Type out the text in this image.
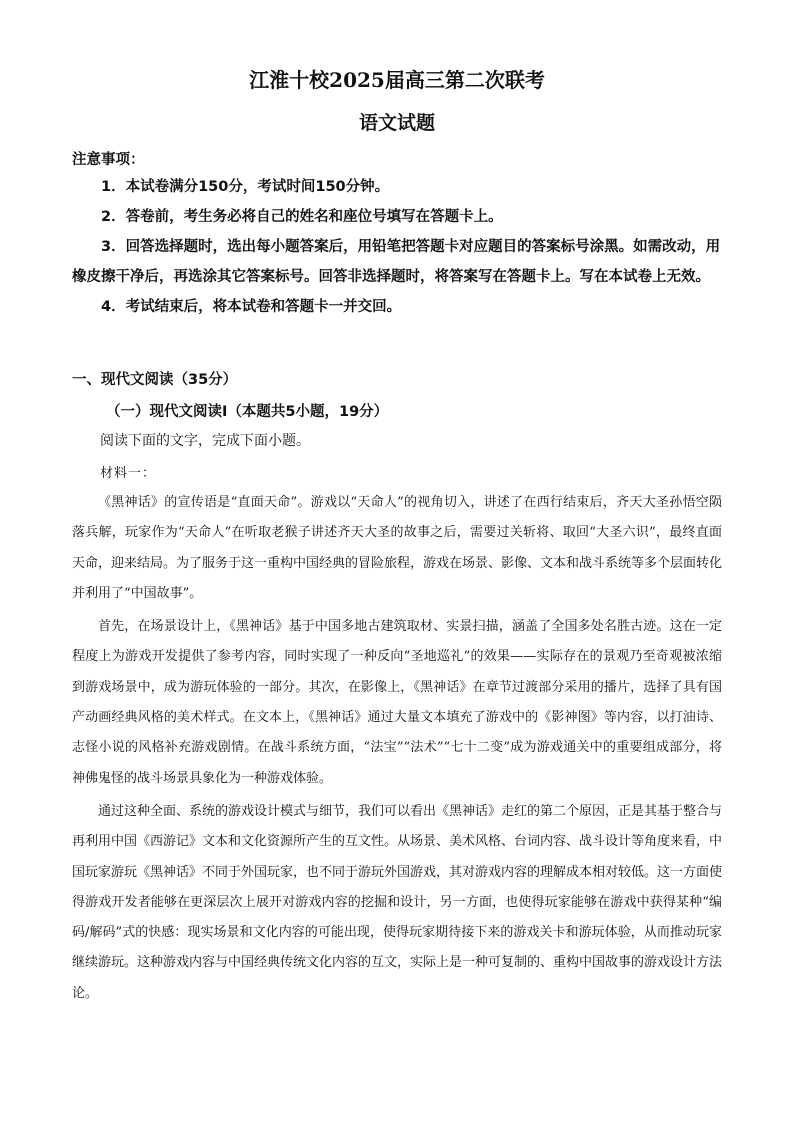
江淮十校2025届高三第二次联考
语文试题
注意事项：

1．本试卷满分150分，考试时间150分钟。

2．答卷前，考生务必将自己的姓名和座位号填写在答题卡上。

3．回答选择题时，选出每小题答案后，用铅笔把答题卡对应题目的答案标号涂黑。如需改动，用橡皮擦干净后，再选涂其它答案标号。回答非选择题时，将答案写在答题卡上。写在本试卷上无效。

4．考试结束后，将本试卷和答题卡一并交回。

一、现代文阅读（35分）
（一）现代文阅读Ⅰ（本题共5小题，19分）
阅读下面的文字，完成下面小题。
材料一：

《黑神话》的宣传语是“直面天命”。游戏以“天命人”的视角切入，讲述了在西行结束后，齐天大圣孙悟空陨落兵解，玩家作为“天命人”在听取老猴子讲述齐天大圣的故事之后，需要过关斩将、取回“大圣六识”，最终直面天命，迎来结局。为了服务于这一重构中国经典的冒险旅程，游戏在场景、影像、文本和战斗系统等多个层面转化并利用了“中国故事”。

首先，在场景设计上，《黑神话》基于中国多地古建筑取材、实景扫描，涵盖了全国多处名胜古迹。这在一定程度上为游戏开发提供了参考内容，同时实现了一种反向“圣地巡礼”的效果——实际存在的景观乃至奇观被浓缩到游戏场景中，成为游玩体验的一部分。其次，在影像上，《黑神话》在章节过渡部分采用的播片，选择了具有国产动画经典风格的美术样式。在文本上，《黑神话》通过大量文本填充了游戏中的《影神图》等内容，以打油诗、志怪小说的风格补充游戏剧情。在战斗系统方面，“法宝”“法术”“七十二变”成为游戏通关中的重要组成部分，将神佛鬼怪的战斗场景具象化为一种游戏体验。

通过这种全面、系统的游戏设计模式与细节，我们可以看出《黑神话》走红的第二个原因，正是其基于整合与再利用中国《西游记》文本和文化资源所产生的互文性。从场景、美术风格、台词内容、战斗设计等角度来看，中国玩家游玩《黑神话》不同于外国玩家，也不同于游玩外国游戏，其对游戏内容的理解成本相对较低。这一方面使得游戏开发者能够在更深层次上展开对游戏内容的挖掘和设计，另一方面，也使得玩家能够在游戏中获得某种“编码/解码”式的快感：现实场景和文化内容的可能出现，使得玩家期待接下来的游戏关卡和游玩体验，从而推动玩家继续游玩。这种游戏内容与中国经典传统文化内容的互文，实际上是一种可复制的、重构中国故事的游戏设计方法论。
